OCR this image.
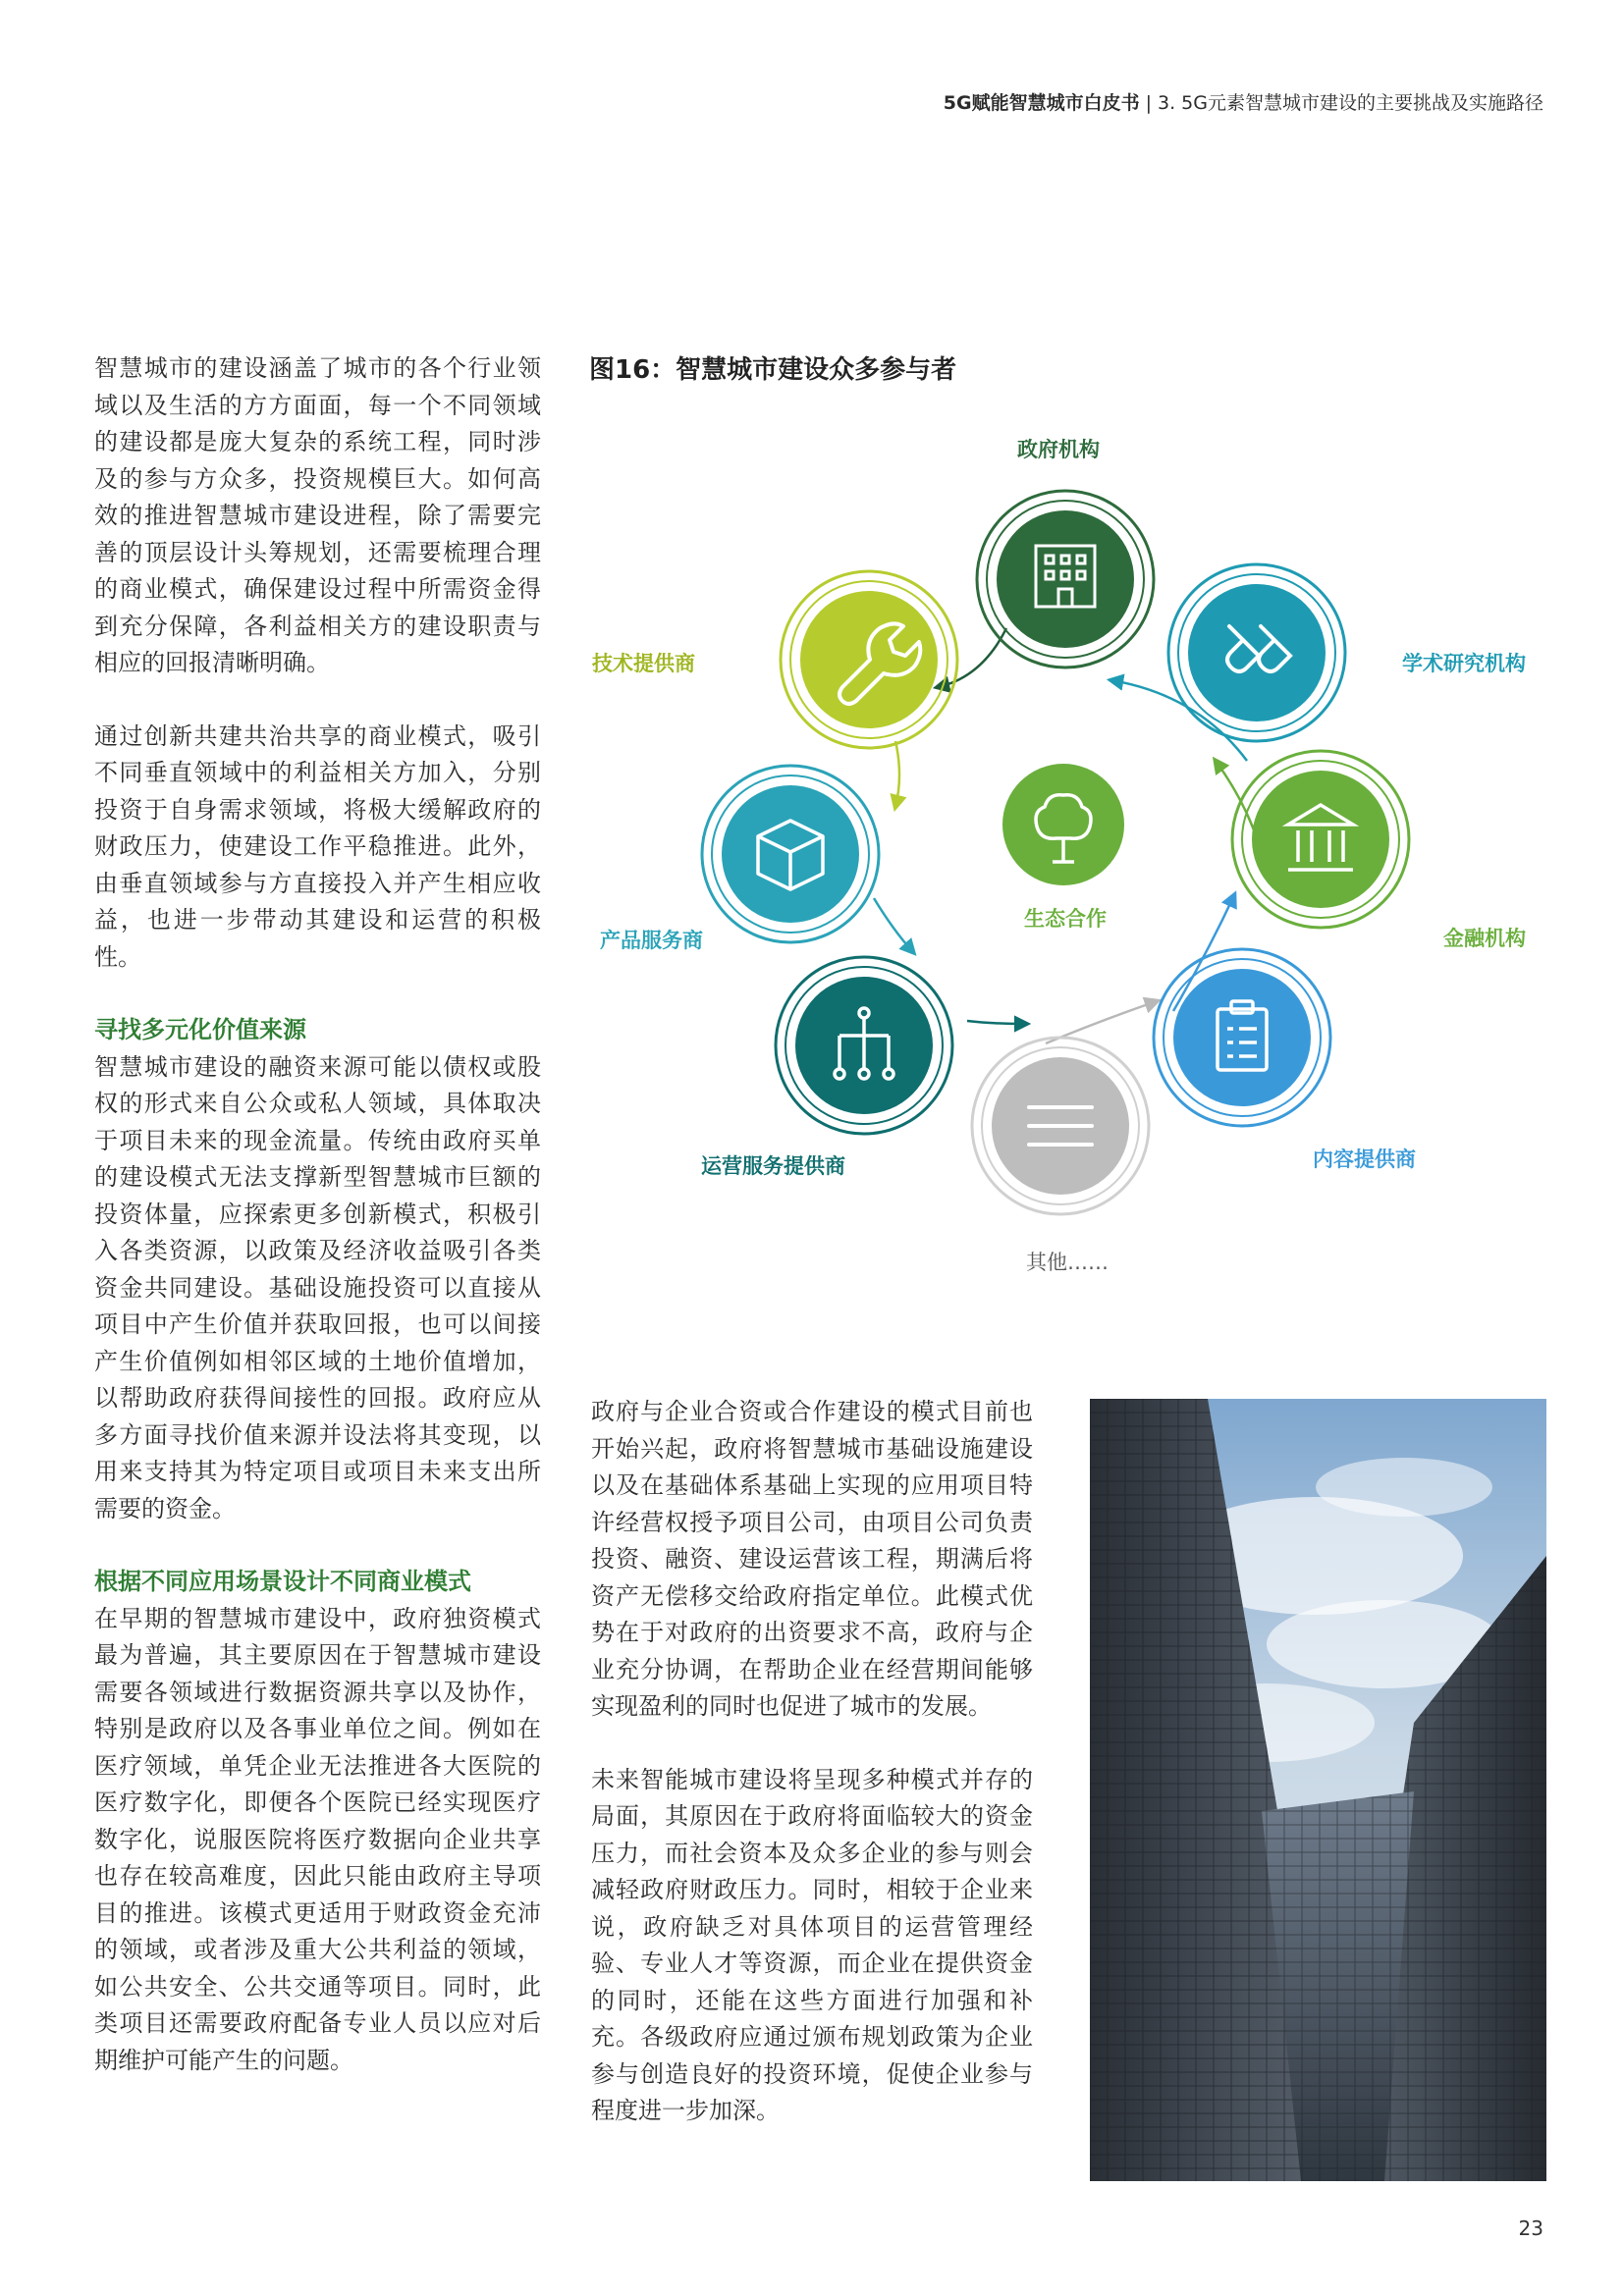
5G赋能智慧城市白皮书 | 3. 5G元素智慧城市建设的主要挑战及实施路径

智慧城市的建设涵盖了城市的各个行业领域以及生活的方方面面，每一个不同领域的建设都是庞大复杂的系统工程，同时涉及的参与方众多，投资规模巨大。如何高效的推进智慧城市建设进程，除了需要完善的顶层设计头筹规划，还需要梳理合理的商业模式，确保建设过程中所需资金得到充分保障，各利益相关方的建设职责与相应的回报清晰明确。

通过创新共建共治共享的商业模式，吸引不同垂直领域中的利益相关方加入，分别投资于自身需求领域，将极大缓解政府的财政压力，使建设工作平稳推进。此外，由垂直领域参与方直接投入并产生相应收益，也进一步带动其建设和运营的积极性。

寻找多元化价值来源

智慧城市建设的融资来源可能以债权或股权的形式来自公众或私人领域，具体取决于项目未来的现金流量。传统由政府买单的建设模式无法支撑新型智慧城市巨额的投资体量，应探索更多创新模式，积极引入各类资源，以政策及经济收益吸引各类资金共同建设。基础设施投资可以直接从项目中产生价值并获取回报，也可以间接产生价值例如相邻区域的土地价值增加，以帮助政府获得间接性的回报。政府应从多方面寻找价值来源并设法将其变现，以用来支持其为特定项目或项目未来支出所需要的资金。

根据不同应用场景设计不同商业模式

在早期的智慧城市建设中，政府独资模式最为普遍，其主要原因在于智慧城市建设需要各领域进行数据资源共享以及协作，特别是政府以及各事业单位之间。例如在医疗领域，单凭企业无法推进各大医院的医疗数字化，即便各个医院已经实现医疗数字化，说服医院将医疗数据向企业共享也存在较高难度，因此只能由政府主导项目的推进。该模式更适用于财政资金充沛的领域，或者涉及重大公共利益的领域，如公共安全、公共交通等项目。同时，此类项目还需要政府配备专业人员以应对后期维护可能产生的问题。

图16：智慧城市建设众多参与者
政府机构
学术研究机构
金融机构
内容提供商
其他……
运营服务提供商
产品服务商
技术提供商
生态合作

政府与企业合资或合作建设的模式目前也开始兴起，政府将智慧城市基础设施建设以及在基础体系基础上实现的应用项目特许经营权授予项目公司，由项目公司负责投资、融资、建设运营该工程，期满后将资产无偿移交给政府指定单位。此模式优势在于对政府的出资要求不高，政府与企业充分协调，在帮助企业在经营期间能够实现盈利的同时也促进了城市的发展。

未来智能城市建设将呈现多种模式并存的局面，其原因在于政府将面临较大的资金压力，而社会资本及众多企业的参与则会减轻政府财政压力。同时，相较于企业来说，政府缺乏对具体项目的运营管理经验、专业人才等资源，而企业在提供资金的同时，还能在这些方面进行加强和补充。各级政府应通过颁布规划政策为企业参与创造良好的投资环境，促使企业参与程度进一步加深。

23
